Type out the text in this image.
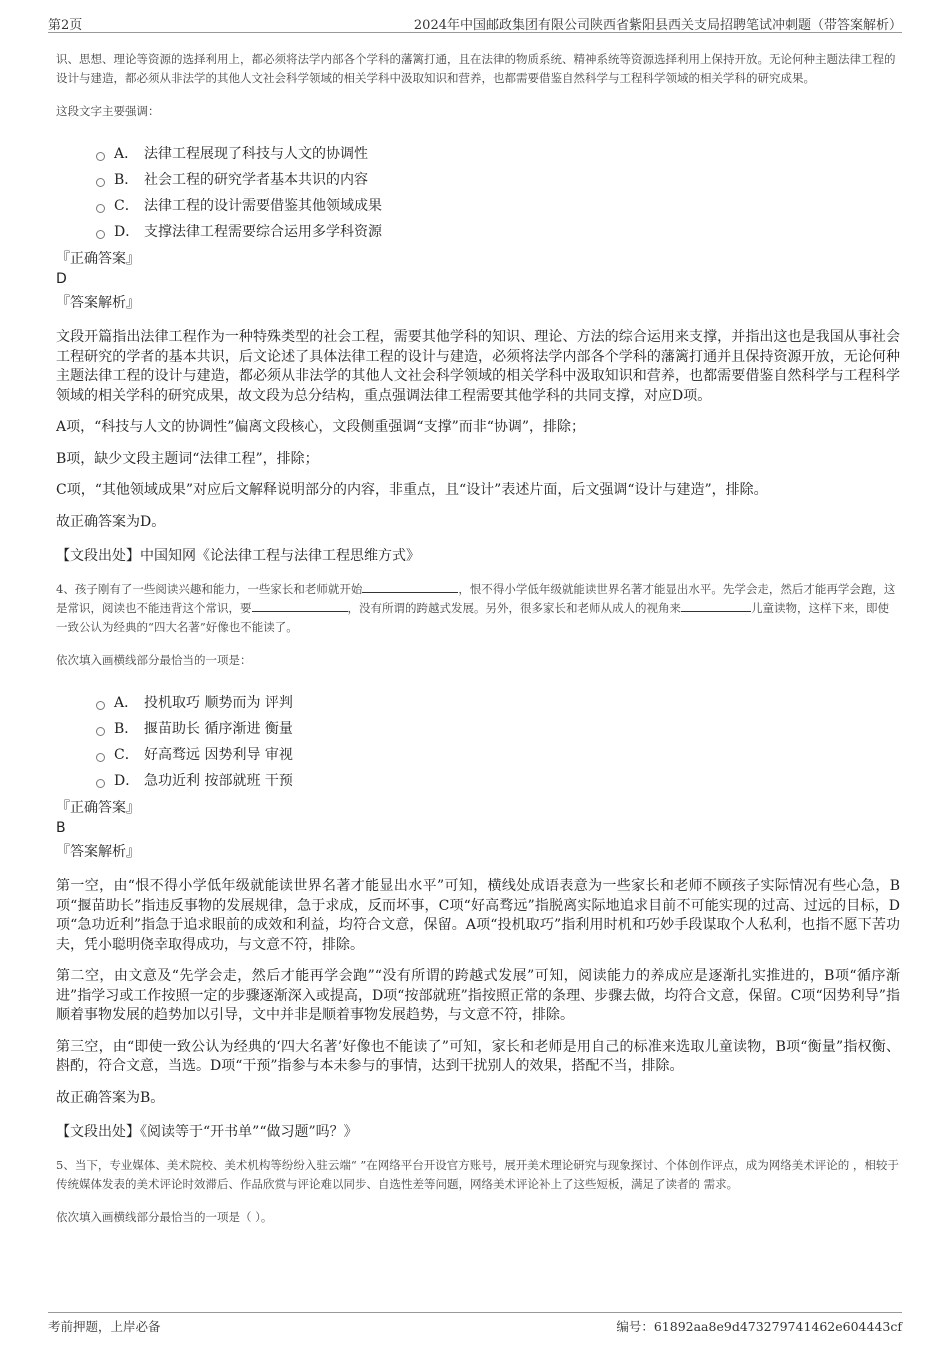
第2页	2024年中国邮政集团有限公司陕西省紫阳县西关支局招聘笔试冲刺题（带答案解析）

识、思想、理论等资源的选择利用上，都必须将法学内部各个学科的藩篱打通，且在法律的物质系统、精神系统等资源选择利用上保持开放。无论何种主题法律工程的设计与建造，都必须从非法学的其他人文社会科学领域的相关学科中汲取知识和营养，也都需要借鉴自然科学与工程科学领域的相关学科的研究成果。

这段文字主要强调：

A． 法律工程展现了科技与人文的协调性
B． 社会工程的研究学者基本共识的内容
C． 法律工程的设计需要借鉴其他领域成果
D． 支撑法律工程需要综合运用多学科资源

『正确答案』

D

『答案解析』

文段开篇指出法律工程作为一种特殊类型的社会工程，需要其他学科的知识、理论、方法的综合运用来支撑，并指出这也是我国从事社会工程研究的学者的基本共识，后文论述了具体法律工程的设计与建造，必须将法学内部各个学科的藩篱打通并且保持资源开放，无论何种主题法律工程的设计与建造，都必须从非法学的其他人文社会科学领域的相关学科中汲取知识和营养，也都需要借鉴自然科学与工程科学领域的相关学科的研究成果，故文段为总分结构，重点强调法律工程需要其他学科的共同支撑，对应D项。

A项，“科技与人文的协调性”偏离文段核心，文段侧重强调“支撑”而非“协调”，排除；

B项，缺少文段主题词“法律工程”，排除；

C项，“其他领域成果”对应后文解释说明部分的内容，非重点，且“设计”表述片面，后文强调“设计与建造”，排除。

故正确答案为D。

【文段出处】中国知网《论法律工程与法律工程思维方式》

4、孩子刚有了一些阅读兴趣和能力，一些家长和老师就开始	，恨不得小学低年级就能读世界名著才能显出水平。先学会走，然后才能再学会跑，这是常识，阅读也不能违背这个常识，要	，没有所谓的跨越式发展。另外，很多家长和老师从成人的视角来	儿童读物，这样下来，即使一致公认为经典的“四大名著”好像也不能读了。

依次填入画横线部分最恰当的一项是：

A． 投机取巧 顺势而为 评判
B． 揠苗助长 循序渐进 衡量
C． 好高骛远 因势利导 审视
D． 急功近利 按部就班 干预

『正确答案』

B

『答案解析』

第一空，由“恨不得小学低年级就能读世界名著才能显出水平”可知，横线处成语表意为一些家长和老师不顾孩子实际情况有些心急，B项“揠苗助长”指违反事物的发展规律，急于求成，反而坏事，C项“好高骛远”指脱离实际地追求目前不可能实现的过高、过远的目标，D项“急功近利”指急于追求眼前的成效和利益，均符合文意，保留。A项“投机取巧”指利用时机和巧妙手段谋取个人私利，也指不愿下苦功夫，凭小聪明侥幸取得成功，与文意不符，排除。

第二空，由文意及“先学会走，然后才能再学会跑”“没有所谓的跨越式发展”可知，阅读能力的养成应是逐渐扎实推进的，B项“循序渐进”指学习或工作按照一定的步骤逐渐深入或提高，D项“按部就班”指按照正常的条理、步骤去做，均符合文意，保留。C项“因势利导”指顺着事物发展的趋势加以引导，文中并非是顺着事物发展趋势，与文意不符，排除。

第三空，由“即使一致公认为经典的‘四大名著’好像也不能读了”可知，家长和老师是用自己的标准来选取儿童读物，B项“衡量”指权衡、斟酌，符合文意，当选。D项“干预”指参与本未参与的事情，达到干扰别人的效果，搭配不当，排除。

故正确答案为B。

【文段出处】《阅读等于“开书单”“做习题”吗？》

5、当下，专业媒体、美术院校、美术机构等纷纷入驻云端“ ”在网络平台开设官方账号，展开美术理论研究与现象探讨、个体创作评点，成为网络美术评论的 ，相较于传统媒体发表的美术评论时效滞后、作品欣赏与评论难以同步、自选性差等问题，网络美术评论补上了这些短板，满足了读者的 需求。

依次填入画横线部分最恰当的一项是（ ）。

考前押题，上岸必备	编号：61892aa8e9d473279741462e604443cf
